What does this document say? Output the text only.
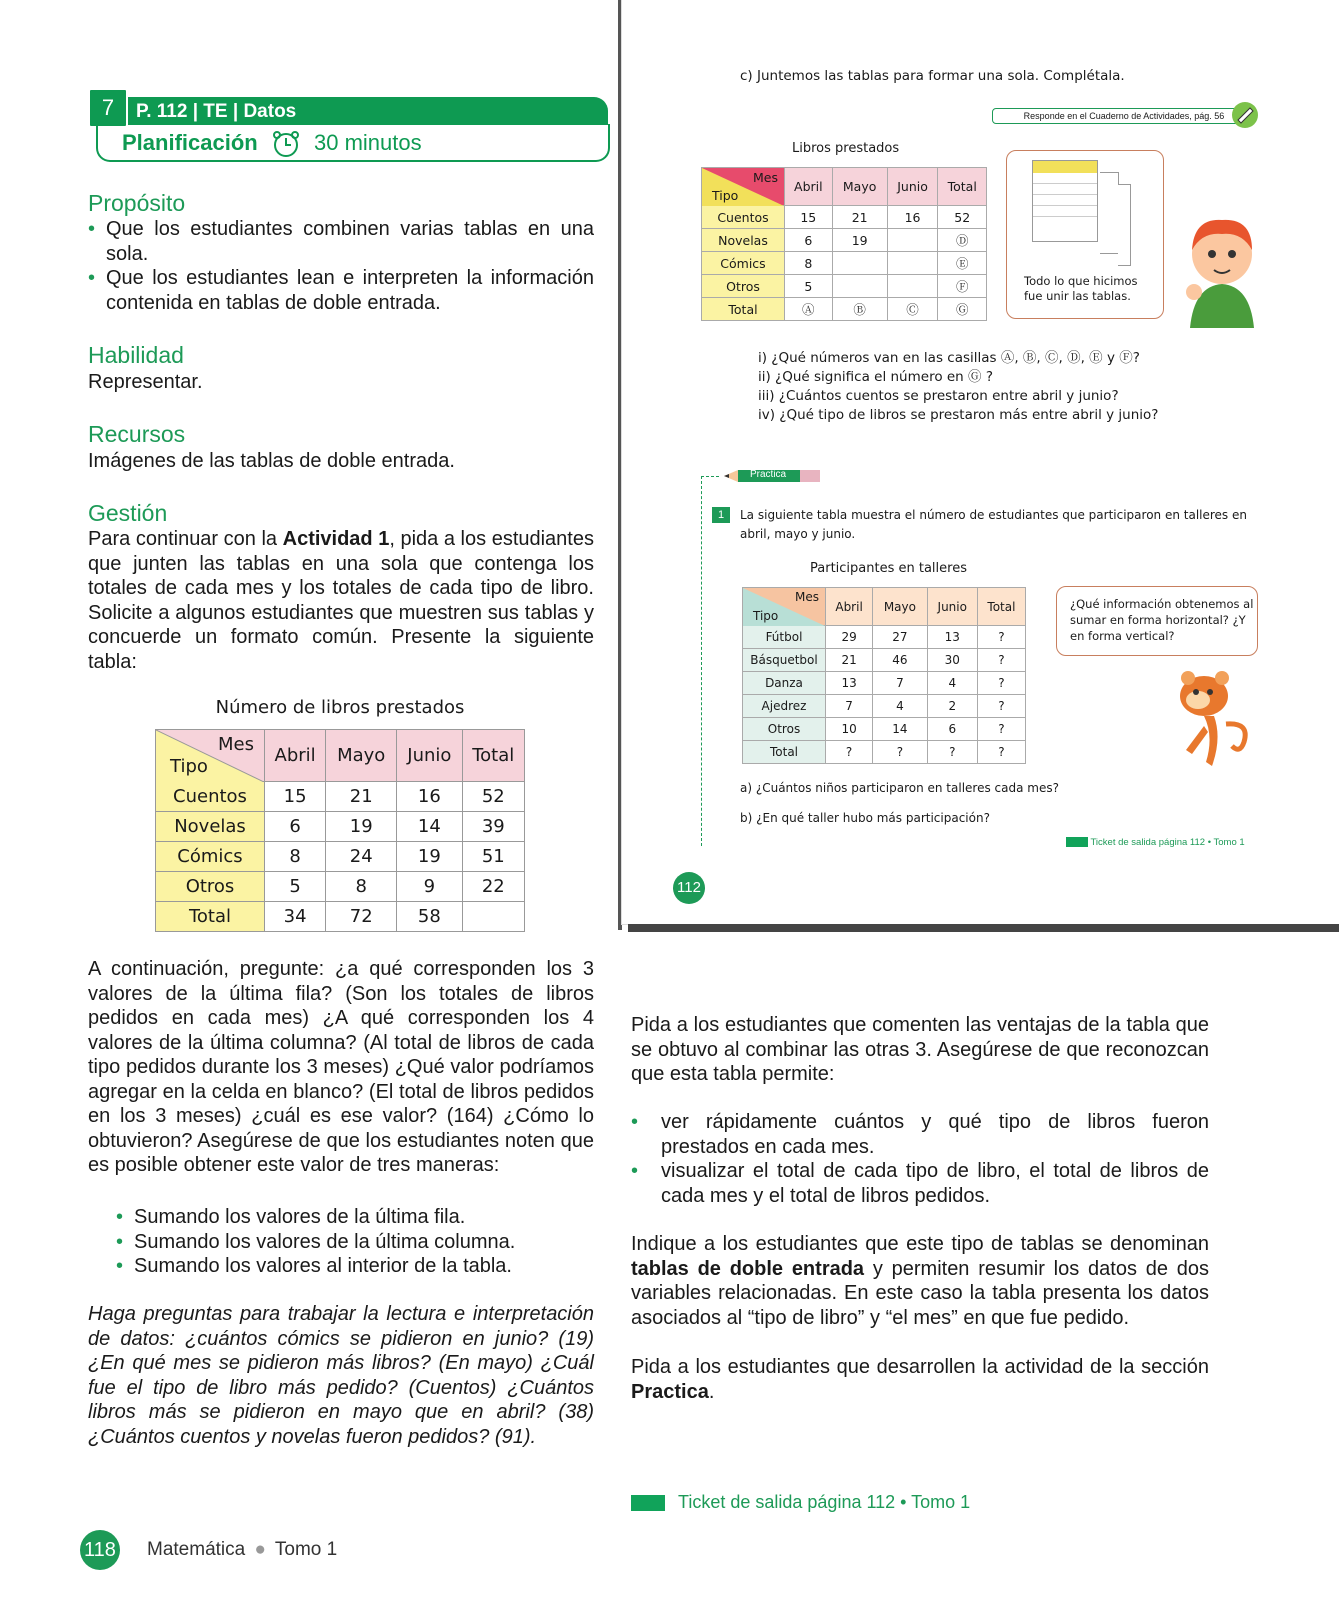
7	P. 112 | TE | Datos
Planificación	30 minutos
Propósito
• Que los estudiantes combinen varias tablas en una sola.
• Que los estudiantes lean e interpreten la información contenida en tablas de doble entrada.
Habilidad
Representar.
Recursos
Imágenes de las tablas de doble entrada.
Gestión
Para continuar con la Actividad 1, pida a los estudiantes que junten las tablas en una sola que contenga los totales de cada mes y los totales de cada tipo de libro. Solicite a algunos estudiantes que muestren sus tablas y concuerde un formato común. Presente la siguiente tabla:
Número de libros prestados
Mes
Tipo	Abril	Mayo	Junio	Total
Cuentos	15	21	16	52
Novelas	6	19	14	39
Cómics	8	24	19	51
Otros	5	8	9	22
Total	34	72	58	
A continuación, pregunte: ¿a qué corresponden los 3 valores de la última fila? (Son los totales de libros pedidos en cada mes) ¿A qué corresponden los 4 valores de la última columna? (Al total de libros de cada tipo pedidos durante los 3 meses) ¿Qué valor podríamos agregar en la celda en blanco? (El total de libros pedidos en los 3 meses) ¿cuál es ese valor? (164) ¿Cómo lo obtuvieron? Asegúrese de que los estudiantes noten que es posible obtener este valor de tres maneras:
• Sumando los valores de la última fila.
• Sumando los valores de la última columna.
• Sumando los valores al interior de la tabla.
Haga preguntas para trabajar la lectura e interpretación de datos: ¿cuántos cómics se pidieron en junio? (19) ¿En qué mes se pidieron más libros? (En mayo) ¿Cuál fue el tipo de libro más pedido? (Cuentos) ¿Cuántos libros más se pidieron en mayo que en abril? (38) ¿Cuántos cuentos y novelas fueron pedidos? (91).
c) Juntemos las tablas para formar una sola. Complétala.
Responde en el Cuaderno de Actividades, pág. 56
Libros prestados
Mes
Tipo	Abril	Mayo	Junio	Total
Cuentos	15	21	16	52
Novelas	6	19		Ⓓ
Cómics	8			Ⓔ
Otros	5			Ⓕ
Total	Ⓐ	Ⓑ	Ⓒ	Ⓖ
Todo lo que hicimos fue unir las tablas.
i) ¿Qué números van en las casillas Ⓐ, Ⓑ, Ⓒ, Ⓓ, Ⓔ y Ⓕ?
ii) ¿Qué significa el número en Ⓖ ?
iii) ¿Cuántos cuentos se prestaron entre abril y junio?
iv) ¿Qué tipo de libros se prestaron más entre abril y junio?
Practica
1	La siguiente tabla muestra el número de estudiantes que participaron en talleres en abril, mayo y junio.
Participantes en talleres
Mes
Tipo	Abril	Mayo	Junio	Total
Fútbol	29	27	13	?
Básquetbol	21	46	30	?
Danza	13	7	4	?
Ajedrez	7	4	2	?
Otros	10	14	6	?
Total	?	?	?	?
¿Qué información obtenemos al sumar en forma horizontal? ¿Y en forma vertical?
a) ¿Cuántos niños participaron en talleres cada mes?
b) ¿En qué taller hubo más participación?
Ticket de salida página 112 • Tomo 1
112
Pida a los estudiantes que comenten las ventajas de la tabla que se obtuvo al combinar las otras 3. Asegúrese de que reconozcan que esta tabla permite:
• ver rápidamente cuántos y qué tipo de libros fueron prestados en cada mes.
• visualizar el total de cada tipo de libro, el total de libros de cada mes y el total de libros pedidos.
Indique a los estudiantes que este tipo de tablas se denominan tablas de doble entrada y permiten resumir los datos de dos variables relacionadas. En este caso la tabla presenta los datos asociados al “tipo de libro” y “el mes” en que fue pedido.
Pida a los estudiantes que desarrollen la actividad de la sección Practica.
Ticket de salida página 112 • Tomo 1
118 Matemática ● Tomo 1
